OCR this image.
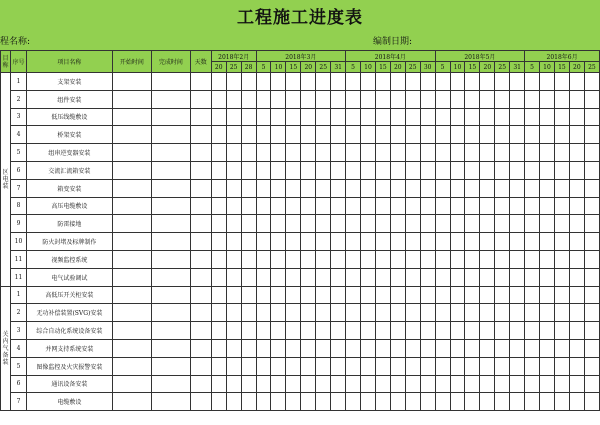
工程施工进度表
程名称:	编制日期:
目称	序号	项目名称	开始时间	完成时间	天数	2018年2月			2018年3月						2018年4月						2018年5月						2018年6月				
						20	25	28	5	10	15	20	25	31	5	10	15	20	25	30	5	10	15	20	25	31	5	10	15	20	25
区电装	1	支架安装																													
	2	组件安装																													
	3	低压线缆敷设																													
	4	桥架安装																													
	5	组串逆变器安装																													
	6	交流汇流箱安装																													
	7	箱变安装																													
	8	高压电缆敷设																													
	9	防雷接地																													
	10	防火封堵及标牌制作																													
	11	视频监控系统																													
	11	电气试验调试																													
关内气备装	1	高低压开关柜安装																													
	2	无功补偿装置(SVG)安装																													
	3	综合自动化系统设备安装																													
	4	并网支持系统安装																													
	5	图像监控及火灾报警安装																													
	6	通讯设备安装																													
	7	电缆敷设																													
